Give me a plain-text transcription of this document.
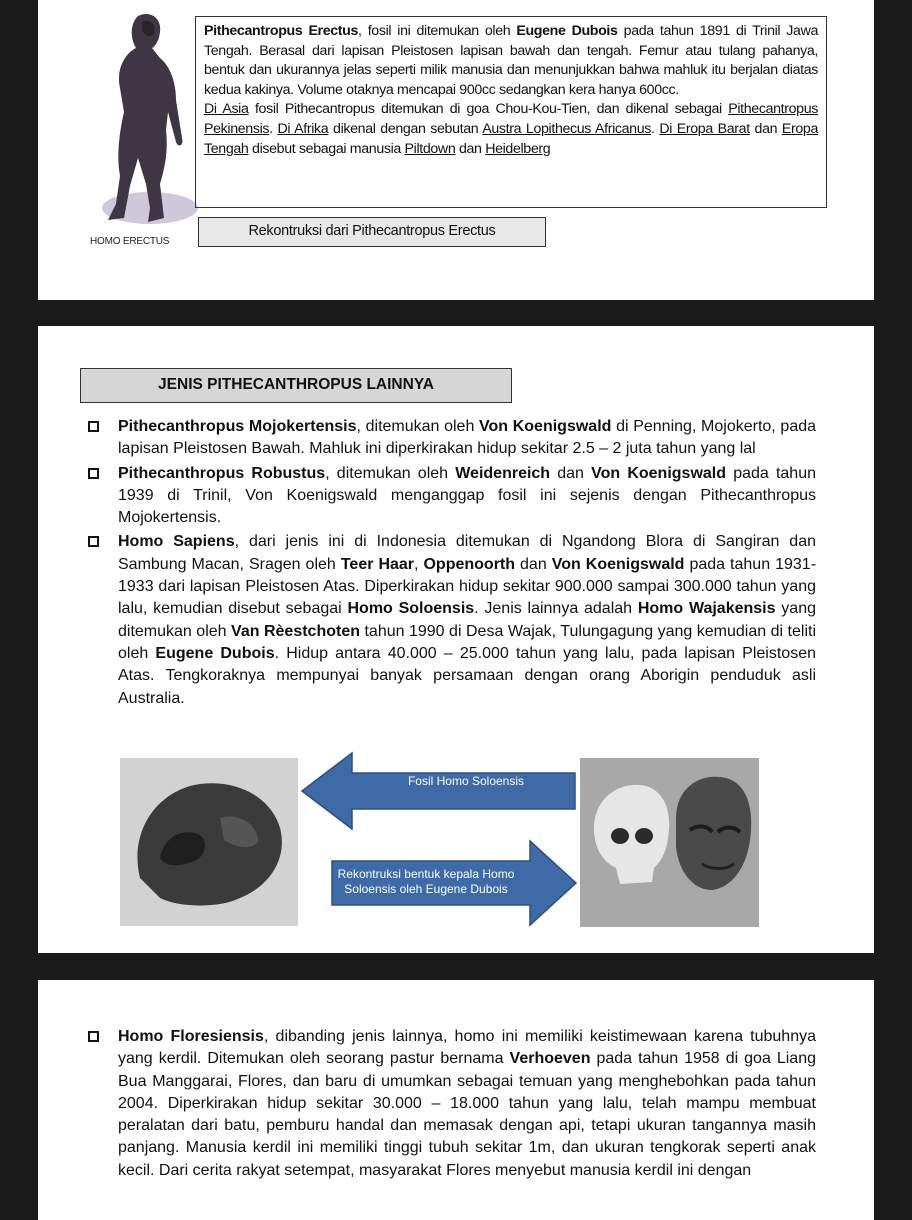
HOMO ERECTUS

Pithecantropus Erectus, fosil ini ditemukan oleh Eugene Dubois pada tahun 1891 di Trinil Jawa Tengah. Berasal dari lapisan Pleistosen lapisan bawah dan tengah. Femur atau tulang pahanya, bentuk dan ukurannya jelas seperti milik manusia dan menunjukkan bahwa mahluk itu berjalan diatas kedua kakinya. Volume otaknya mencapai 900cc sedangkan kera hanya 600cc.

Di Asia fosil Pithecantropus ditemukan di goa Chou-Kou-Tien, dan dikenal sebagai Pithecantropus Pekinensis. Di Afrika dikenal dengan sebutan Austra Lopithecus Africanus. Di Eropa Barat dan Eropa Tengah disebut sebagai manusia Piltdown dan Heidelberg

Rekontruksi dari Pithecantropus Erectus
JENIS PITHECANTHROPUS LAINNYA
Pithecanthropus Mojokertensis, ditemukan oleh Von Koenigswald di Penning, Mojokerto, pada lapisan Pleistosen Bawah. Mahluk ini diperkirakan hidup sekitar 2.5 – 2 juta tahun yang lal
Pithecanthropus Robustus, ditemukan oleh Weidenreich dan Von Koenigswald pada tahun 1939 di Trinil, Von Koenigswald menganggap fosil ini sejenis dengan Pithecanthropus Mojokertensis.
Homo Sapiens, dari jenis ini di Indonesia ditemukan di Ngandong Blora di Sangiran dan Sambung Macan, Sragen oleh Teer Haar, Oppenoorth dan Von Koenigswald pada tahun 1931-1933 dari lapisan Pleistosen Atas. Diperkirakan hidup sekitar 900.000 sampai 300.000 tahun yang lalu, kemudian disebut sebagai Homo Soloensis. Jenis lainnya adalah Homo Wajakensis yang ditemukan oleh Van Rèestchoten tahun 1990 di Desa Wajak, Tulungagung yang kemudian di teliti oleh Eugene Dubois. Hidup antara 40.000 – 25.000 tahun yang lalu, pada lapisan Pleistosen Atas. Tengkoraknya mempunyai banyak persamaan dengan orang Aborigin penduduk asli Australia.
Fosil Homo Soloensis
Rekontruksi bentuk kepala Homo Soloensis oleh Eugene Dubois
Homo Floresiensis, dibanding jenis lainnya, homo ini memiliki keistimewaan karena tubuhnya yang kerdil. Ditemukan oleh seorang pastur bernama Verhoeven pada tahun 1958 di goa Liang Bua Manggarai, Flores, dan baru di umumkan sebagai temuan yang menghebohkan pada tahun 2004. Diperkirakan hidup sekitar 30.000 – 18.000 tahun yang lalu, telah mampu membuat peralatan dari batu, pemburu handal dan memasak dengan api, tetapi ukuran tangannya masih panjang. Manusia kerdil ini memiliki tinggi tubuh sekitar 1m, dan ukuran tengkorak seperti anak kecil. Dari cerita rakyat setempat, masyarakat Flores menyebut manusia kerdil ini dengan
